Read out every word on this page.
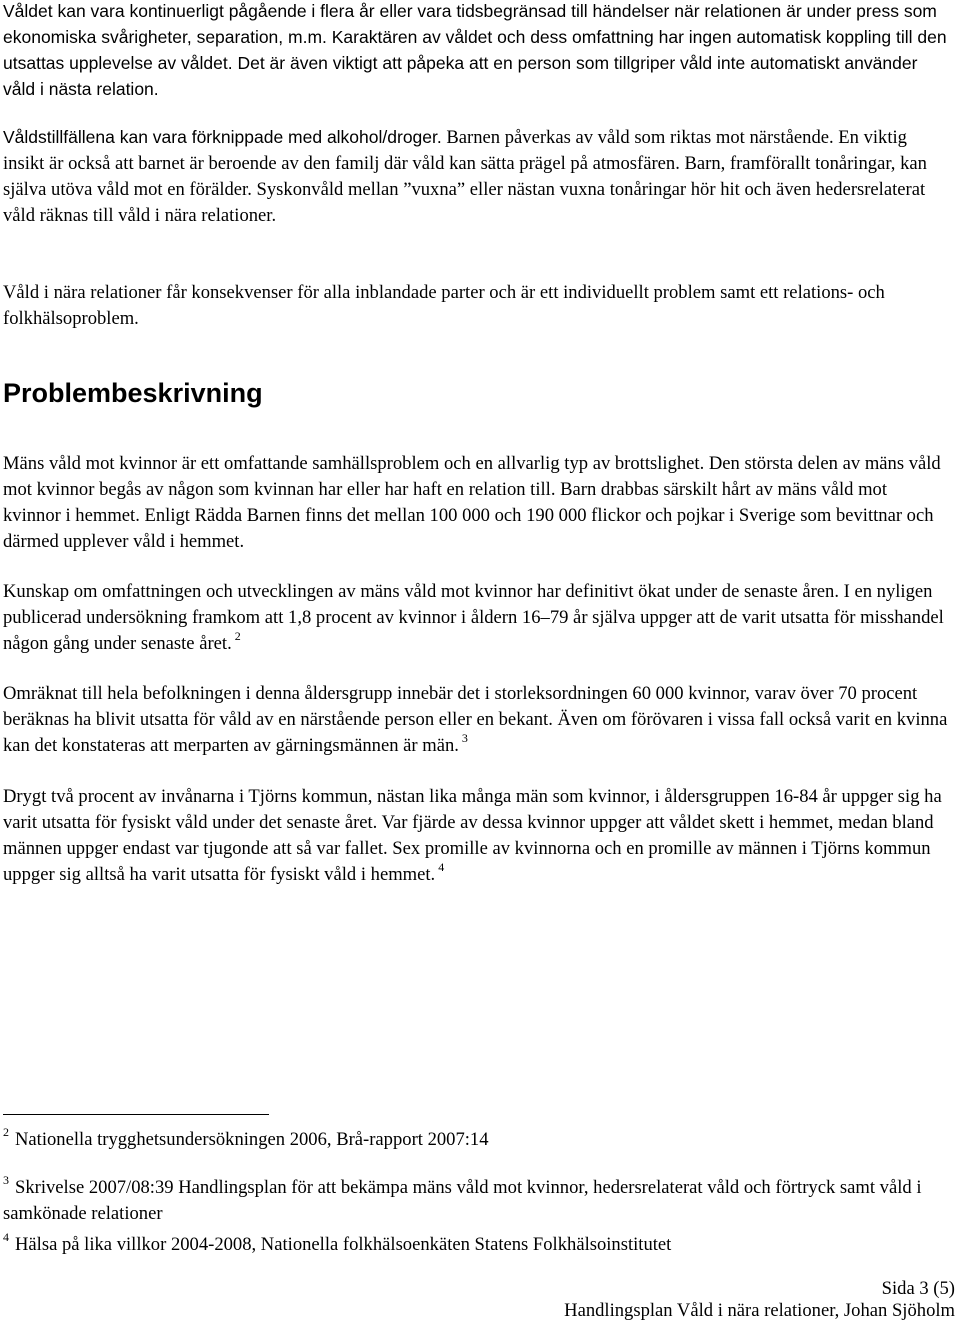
Våldet kan vara kontinuerligt pågående i flera år eller vara tidsbegränsad till händelser när relationen är under press som ekonomiska svårigheter, separation, m.m. Karaktären av våldet och dess omfattning har ingen automatisk koppling till den utsattas upplevelse av våldet. Det är även viktigt att påpeka att en person som tillgriper våld inte automatiskt använder våld i nästa relation.

Våldstillfällena kan vara förknippade med alkohol/droger. Barnen påverkas av våld som riktas mot närstående. En viktig insikt är också att barnet är beroende av den familj där våld kan sätta prägel på atmosfären. Barn, framförallt tonåringar, kan själva utöva våld mot en förälder. Syskonvåld mellan ”vuxna” eller nästan vuxna tonåringar hör hit och även hedersrelaterat våld räknas till våld i nära relationer.

Våld i nära relationer får konsekvenser för alla inblandade parter och är ett individuellt problem samt ett relations- och folkhälsoproblem.

Problembeskrivning

Mäns våld mot kvinnor är ett omfattande samhällsproblem och en allvarlig typ av brottslighet. Den största delen av mäns våld mot kvinnor begås av någon som kvinnan har eller har haft en relation till. Barn drabbas särskilt hårt av mäns våld mot kvinnor i hemmet. Enligt Rädda Barnen finns det mellan 100 000 och 190 000 flickor och pojkar i Sverige som bevittnar och därmed upplever våld i hemmet.

Kunskap om omfattningen och utvecklingen av mäns våld mot kvinnor har definitivt ökat under de senaste åren. I en nyligen publicerad undersökning framkom att 1,8 procent av kvinnor i åldern 16–79 år själva uppger att de varit utsatta för misshandel någon gång under senaste året. $^2$

Omräknat till hela befolkningen i denna åldersgrupp innebär det i storleksordningen 60 000 kvinnor, varav över 70 procent beräknas ha blivit utsatta för våld av en närstående person eller en bekant. Även om förövaren i vissa fall också varit en kvinna kan det konstateras att merparten av gärningsmännen är män. $^3$

Drygt två procent av invånarna i Tjörns kommun, nästan lika många män som kvinnor, i åldersgruppen 16-84 år uppger sig ha varit utsatta för fysiskt våld under det senaste året. Var fjärde av dessa kvinnor uppger att våldet skett i hemmet, medan bland männen uppger endast var tjugonde att så var fallet. Sex promille av kvinnorna och en promille av männen i Tjörns kommun uppger sig alltså ha varit utsatta för fysiskt våld i hemmet. $^4$

$^2$ Nationella trygghetsundersökningen 2006, Brå-rapport 2007:14

$^3$ Skrivelse 2007/08:39 Handlingsplan för att bekämpa mäns våld mot kvinnor, hedersrelaterat våld och förtryck samt våld i samkönade relationer

$^4$ Hälsa på lika villkor 2004-2008, Nationella folkhälsoenkäten Statens Folkhälsoinstitutet

Sida 3 (5)

Handlingsplan Våld i nära relationer, Johan Sjöholm
